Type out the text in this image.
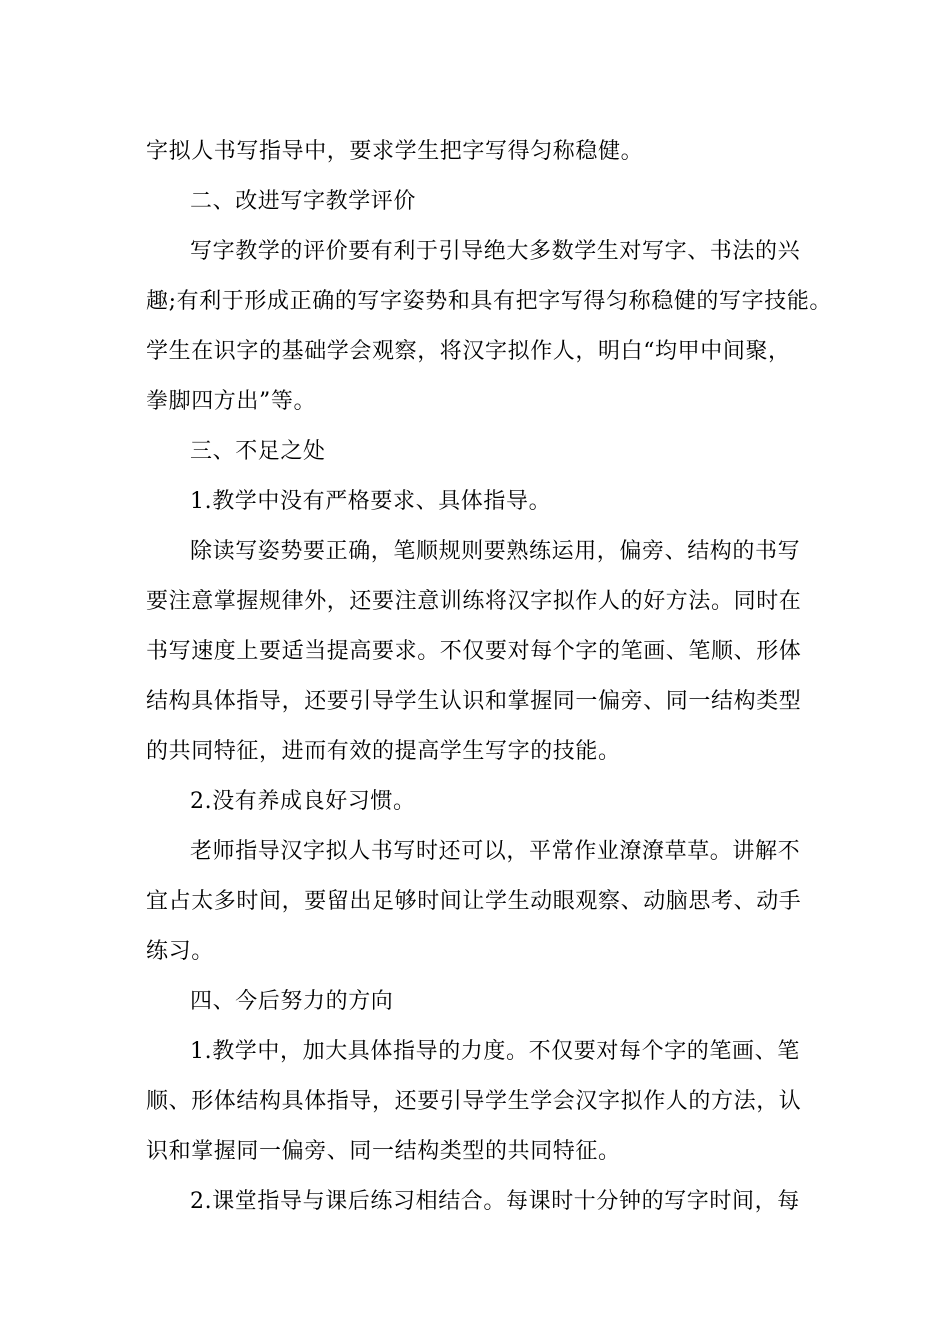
字拟人书写指导中，要求学生把字写得匀称稳健。
二、改进写字教学评价
写字教学的评价要有利于引导绝大多数学生对写字、书法的兴
趣;有利于形成正确的写字姿势和具有把字写得匀称稳健的写字技能。
学生在识字的基础学会观察，将汉字拟作人，明白“均甲中间聚，
拳脚四方出”等。
三、不足之处
1.教学中没有严格要求、具体指导。
除读写姿势要正确，笔顺规则要熟练运用，偏旁、结构的书写
要注意掌握规律外，还要注意训练将汉字拟作人的好方法。同时在
书写速度上要适当提高要求。不仅要对每个字的笔画、笔顺、形体
结构具体指导，还要引导学生认识和掌握同一偏旁、同一结构类型
的共同特征，进而有效的提高学生写字的技能。
2.没有养成良好习惯。
老师指导汉字拟人书写时还可以，平常作业潦潦草草。讲解不
宜占太多时间，要留出足够时间让学生动眼观察、动脑思考、动手
练习。
四、今后努力的方向
1.教学中，加大具体指导的力度。不仅要对每个字的笔画、笔
顺、形体结构具体指导，还要引导学生学会汉字拟作人的方法，认
识和掌握同一偏旁、同一结构类型的共同特征。
2.课堂指导与课后练习相结合。每课时十分钟的写字时间，每
